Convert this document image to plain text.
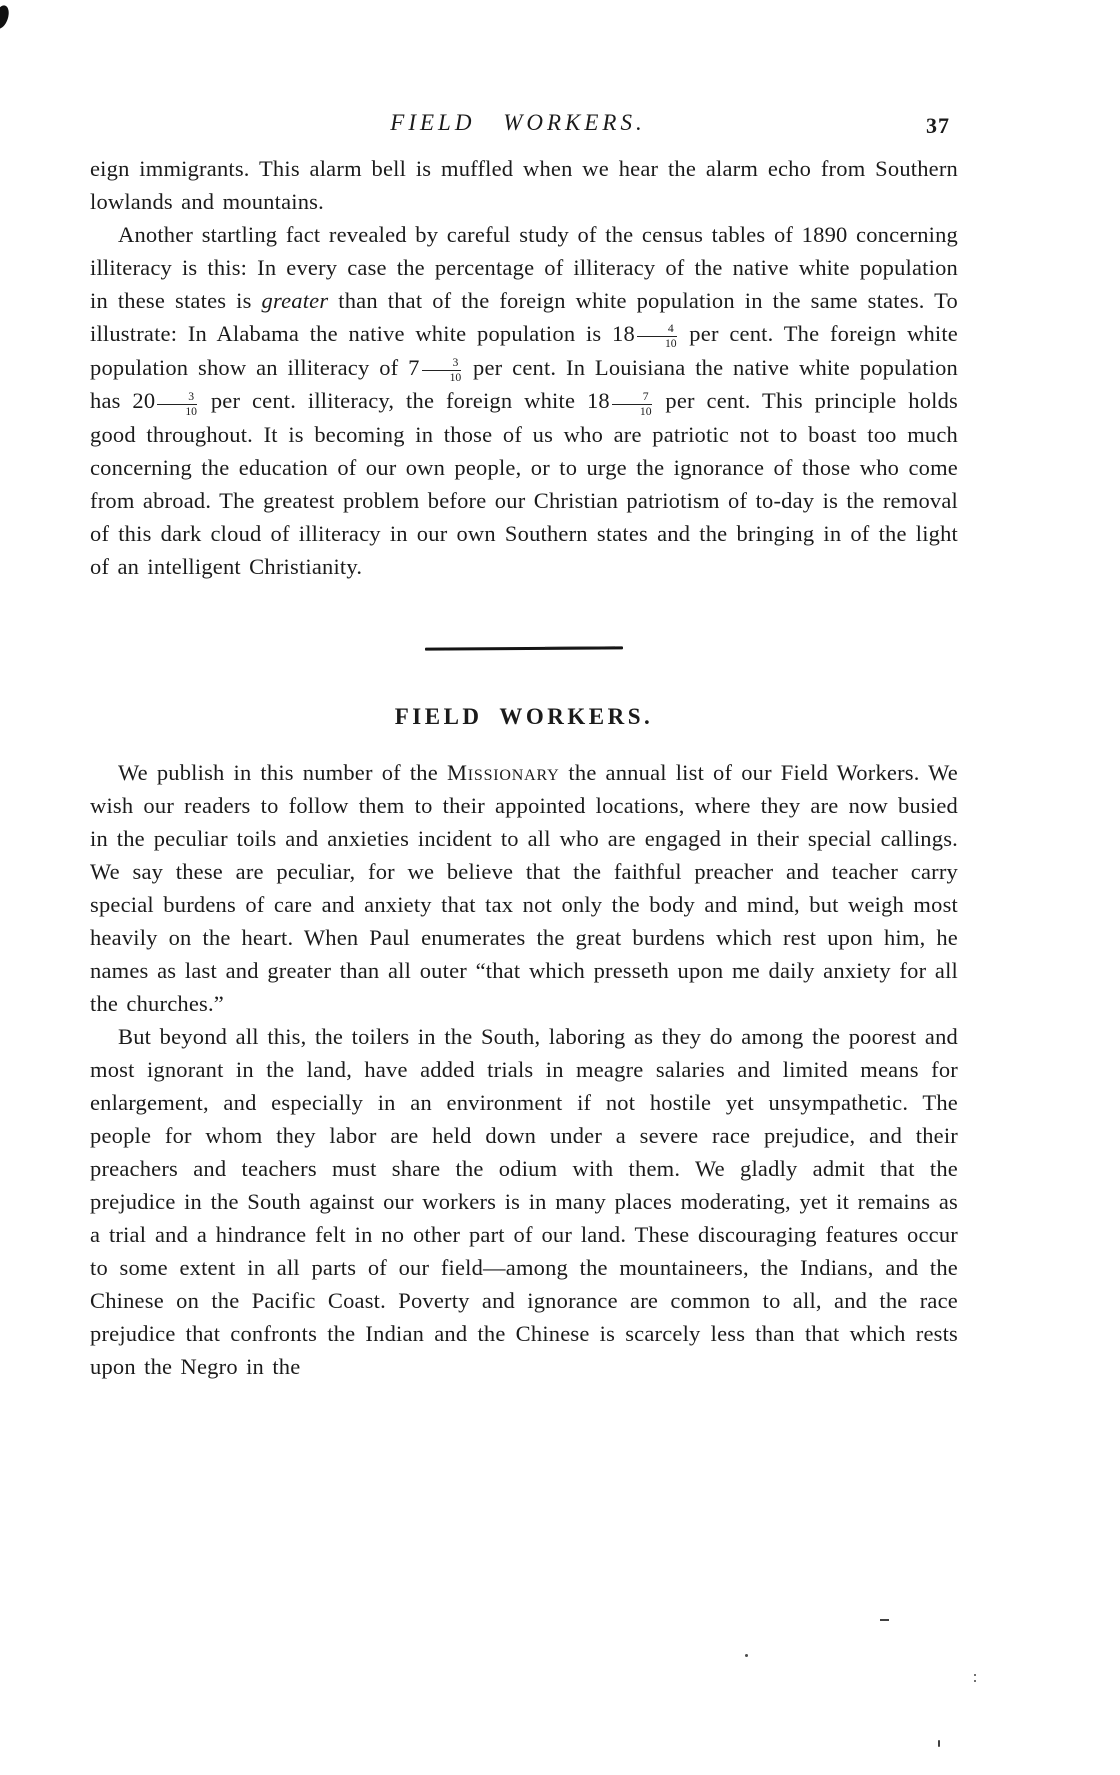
FIELD WORKERS.	37

eign immigrants. This alarm bell is muffled when we hear the alarm echo from Southern lowlands and mountains.

Another startling fact revealed by careful study of the census tables of 1890 concerning illiteracy is this: In every case the percentage of illiteracy of the native white population in these states is greater than that of the foreign white population in the same states. To illustrate: In Alabama the native white population is $18 \frac{4}{10}$ per cent. The foreign white population show an illiteracy of $7 \frac{3}{10}$ per cent. In Louisiana the native white population has $20 \frac{3}{10}$ per cent. illiteracy, the foreign white $18 \frac{7}{10}$ per cent. This principle holds good throughout. It is becoming in those of us who are patriotic not to boast too much concerning the education of our own people, or to urge the ignorance of those who come from abroad. The greatest problem before our Christian patriotism of to-day is the removal of this dark cloud of illiteracy in our own Southern states and the bringing in of the light of an intelligent Christianity.

FIELD WORKERS.

We publish in this number of the Missionary the annual list of our Field Workers. We wish our readers to follow them to their appointed locations, where they are now busied in the peculiar toils and anxieties incident to all who are engaged in their special callings. We say these are peculiar, for we believe that the faithful preacher and teacher carry special burdens of care and anxiety that tax not only the body and mind, but weigh most heavily on the heart. When Paul enumerates the great burdens which rest upon him, he names as last and greater than all outer “that which presseth upon me daily anxiety for all the churches.”

But beyond all this, the toilers in the South, laboring as they do among the poorest and most ignorant in the land, have added trials in meagre salaries and limited means for enlargement, and especially in an environment if not hostile yet unsympathetic. The people for whom they labor are held down under a severe race prejudice, and their preachers and teachers must share the odium with them. We gladly admit that the prejudice in the South against our workers is in many places moderating, yet it remains as a trial and a hindrance felt in no other part of our land. These discouraging features occur to some extent in all parts of our field—among the mountaineers, the Indians, and the Chinese on the Pacific Coast. Poverty and ignorance are common to all, and the race prejudice that confronts the Indian and the Chinese is scarcely less than that which rests upon the Negro in the
